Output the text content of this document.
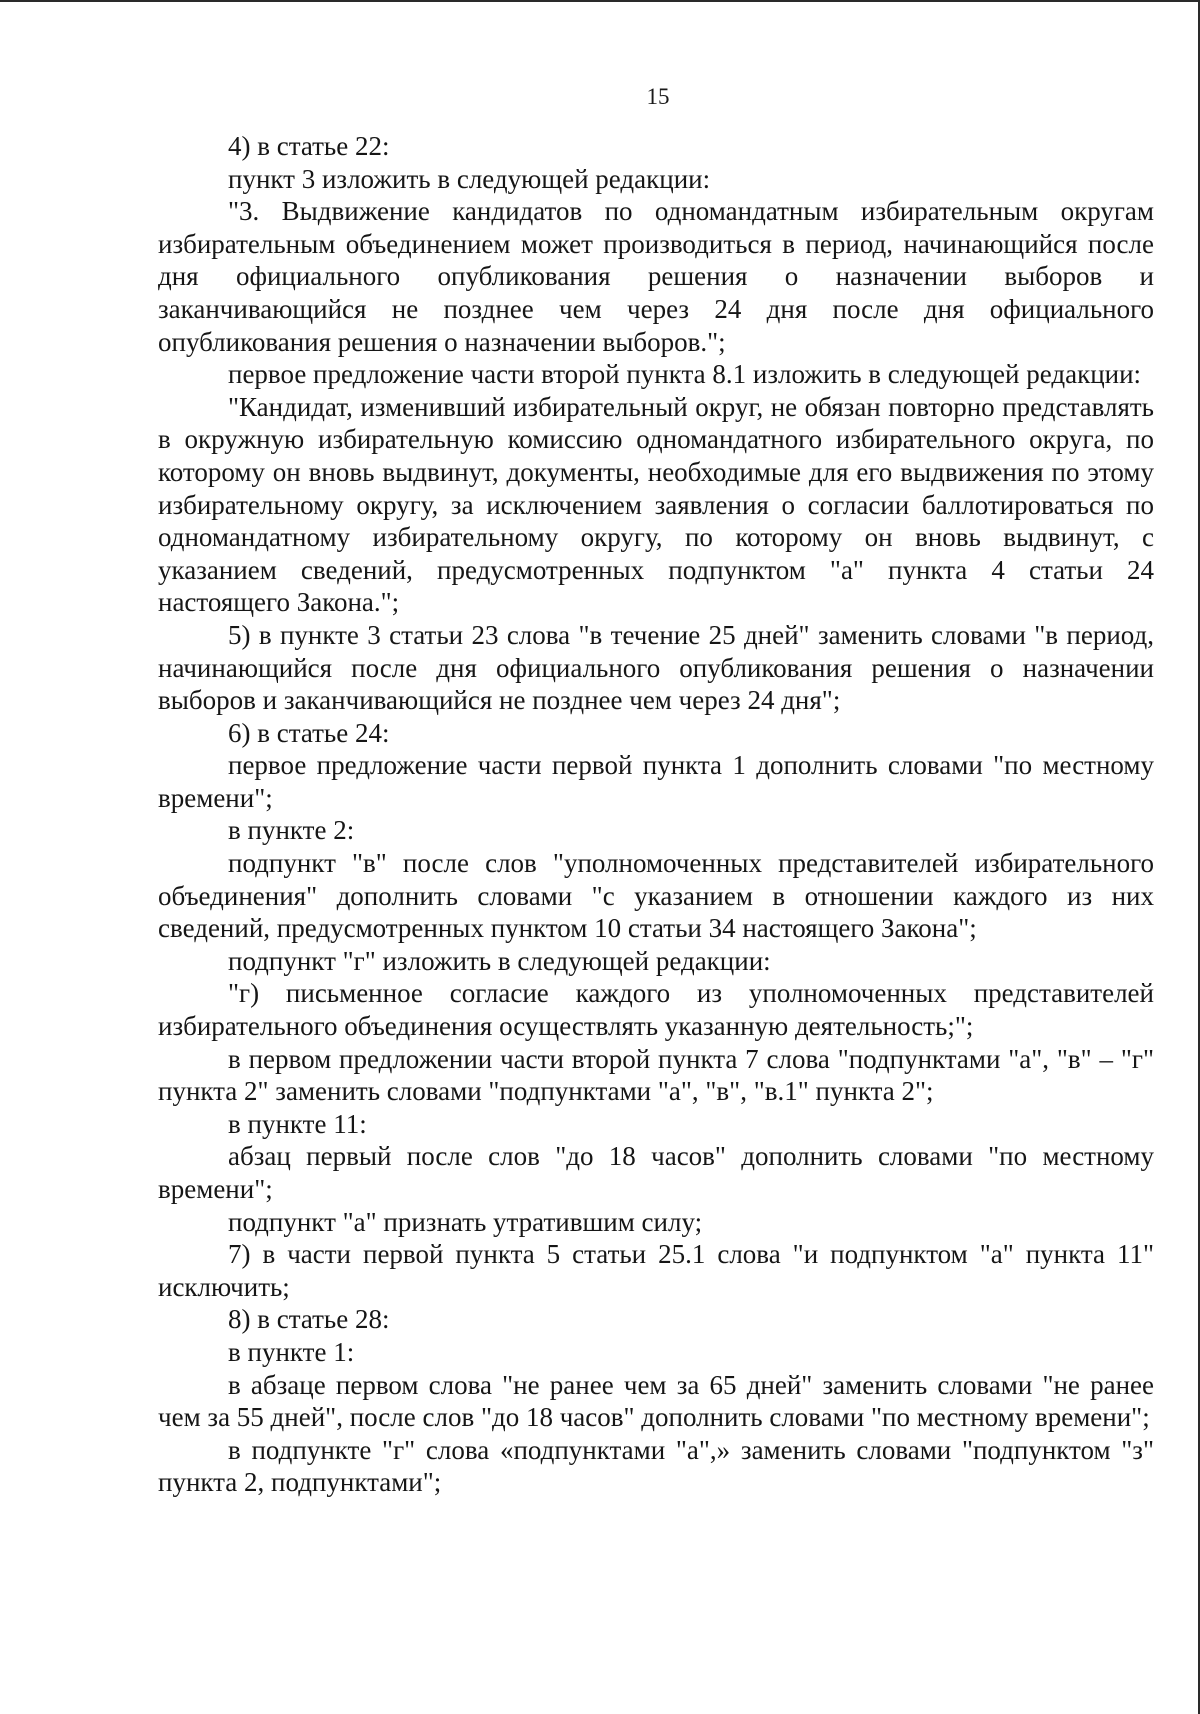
15

4) в статье 22:

пункт 3 изложить в следующей редакции:

"3. Выдвижение кандидатов по одномандатным избирательным округам избирательным объединением может производиться в период, начинающийся после дня официального опубликования решения о назначении выборов и заканчивающийся не позднее чем через 24 дня после дня официального опубликования решения о назначении выборов.";

первое предложение части второй пункта 8.1 изложить в следующей редакции:

"Кандидат, изменивший избирательный округ, не обязан повторно представлять в окружную избирательную комиссию одномандатного избирательного округа, по которому он вновь выдвинут, документы, необходимые для его выдвижения по этому избирательному округу, за исключением заявления о согласии баллотироваться по одномандатному избирательному округу, по которому он вновь выдвинут, с указанием сведений, предусмотренных подпунктом "а" пункта 4 статьи 24 настоящего Закона.";

5) в пункте 3 статьи 23 слова "в течение 25 дней" заменить словами "в период, начинающийся после дня официального опубликования решения о назначении выборов и заканчивающийся не позднее чем через 24 дня";

6) в статье 24:

первое предложение части первой пункта 1 дополнить словами "по местному времени";

в пункте 2:

подпункт "в" после слов "уполномоченных представителей избирательного объединения" дополнить словами "с указанием в отношении каждого из них сведений, предусмотренных пунктом 10 статьи 34 настоящего Закона";

подпункт "г" изложить в следующей редакции:

"г) письменное согласие каждого из уполномоченных представителей избирательного объединения осуществлять указанную деятельность;";

в первом предложении части второй пункта 7 слова "подпунктами "а", "в" – "г" пункта 2" заменить словами "подпунктами "а", "в", "в.1" пункта 2";

в пункте 11:

абзац первый после слов "до 18 часов" дополнить словами "по местному времени";

подпункт "а" признать утратившим силу;

7) в части первой пункта 5 статьи 25.1 слова "и подпунктом "а" пункта 11" исключить;

8) в статье 28:

в пункте 1:

в абзаце первом слова "не ранее чем за 65 дней" заменить словами "не ранее чем за 55 дней", после слов "до 18 часов" дополнить словами "по местному времени";

в подпункте "г" слова «подпунктами "а",» заменить словами "подпунктом "з" пункта 2, подпунктами";
